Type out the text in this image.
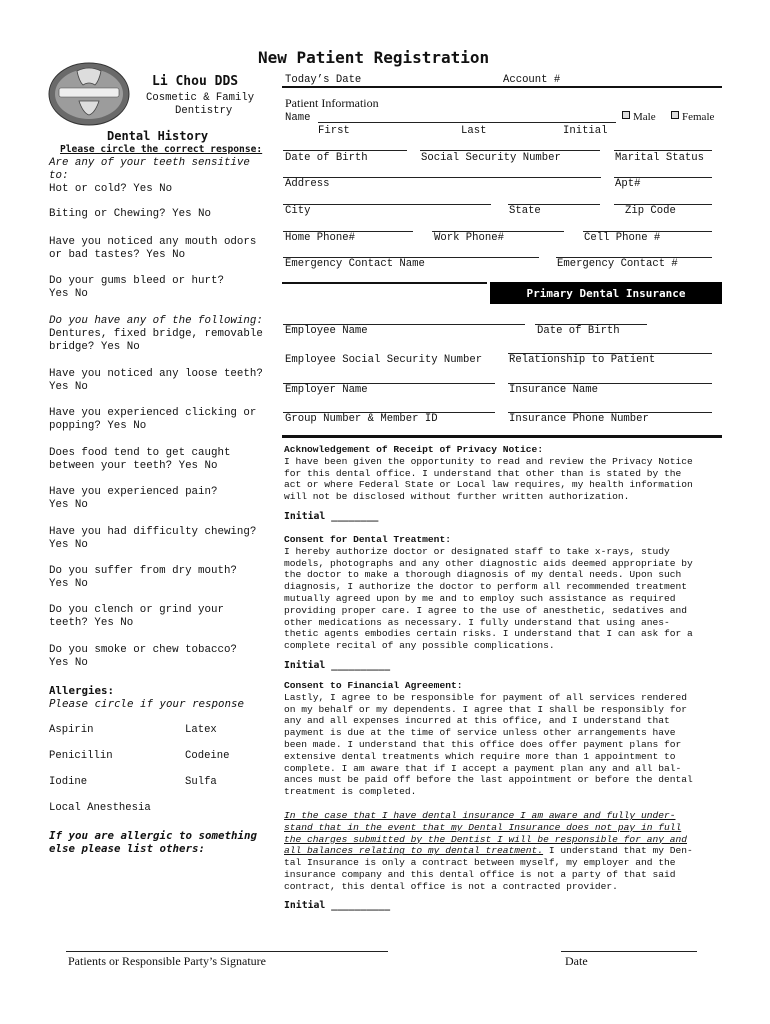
New Patient Registration
Li Chou DDS
Cosmetic & Family
Dentistry
Today’s Date	Account #
Dental History
Please circle the correct response:
Are any of your teeth sensitive
to:
Hot or cold? Yes No
Biting or Chewing? Yes No
Have you noticed any mouth odors
or bad tastes? Yes No
Do your gums bleed or hurt?
Yes No
Do you have any of the following:
Dentures, fixed bridge, removable
bridge? Yes No
Have you noticed any loose teeth?
Yes No
Have you experienced clicking or
popping? Yes No
Does food tend to get caught
between your teeth? Yes No
Have you experienced pain?
Yes No
Have you had difficulty chewing?
Yes No
Do you suffer from dry mouth?
Yes No
Do you clench or grind your
teeth? Yes No
Do you smoke or chew tobacco?
Yes No
Allergies:
Please circle if your response
Aspirin	Latex
Penicillin	Codeine
Iodine	Sulfa
Local Anesthesia
If you are allergic to something
else please list others:
Patient Information
Name	Male	Female
First	Last	Initial
Date of Birth	Social Security Number	Marital Status
Address	Apt#
City	State	Zip Code
Home Phone#	Work Phone#	Cell Phone #
Emergency Contact Name	Emergency Contact #
Primary Dental Insurance
Employee Name	Date of Birth
Employee Social Security Number	Relationship to Patient
Employer Name	Insurance Name
Group Number & Member ID	Insurance Phone Number

Acknowledgement of Receipt of Privacy Notice:

I have been given the opportunity to read and review the Privacy Notice

for this dental office. I understand that other than is stated by the

act or where Federal State or Local law requires, my health information

will not be disclosed without further written authorization.

Initial ________

Consent for Dental Treatment:

I hereby authorize doctor or designated staff to take x-rays, study

models, photographs and any other diagnostic aids deemed appropriate by

the doctor to make a thorough diagnosis of my dental needs. Upon such

diagnosis, I authorize the doctor to perform all recommended treatment

mutually agreed upon by me and to employ such assistance as required

providing proper care. I agree to the use of anesthetic, sedatives and

other medications as necessary. I fully understand that using anes-

thetic agents embodies certain risks. I understand that I can ask for a

complete recital of any possible complications.

Initial __________

Consent to Financial Agreement:

Lastly, I agree to be responsible for payment of all services rendered

on my behalf or my dependents. I agree that I shall be responsibly for

any and all expenses incurred at this office, and I understand that

payment is due at the time of service unless other arrangements have

been made. I understand that this office does offer payment plans for

extensive dental treatments which require more than 1 appointment to

complete. I am aware that if I accept a payment plan any and all bal-

ances must be paid off before the last appointment or before the dental

treatment is completed.

In the case that I have dental insurance I am aware and fully under-

stand that in the event that my Dental Insurance does not pay in full

the charges submitted by the Dentist I will be responsible for any and

all balances relating to my dental treatment. I understand that my Den-

tal Insurance is only a contract between myself, my employer and the

insurance company and this dental office is not a party of that said

contract, this dental office is not a contracted provider.

Initial __________
Patients or Responsible Party’s Signature	Date
